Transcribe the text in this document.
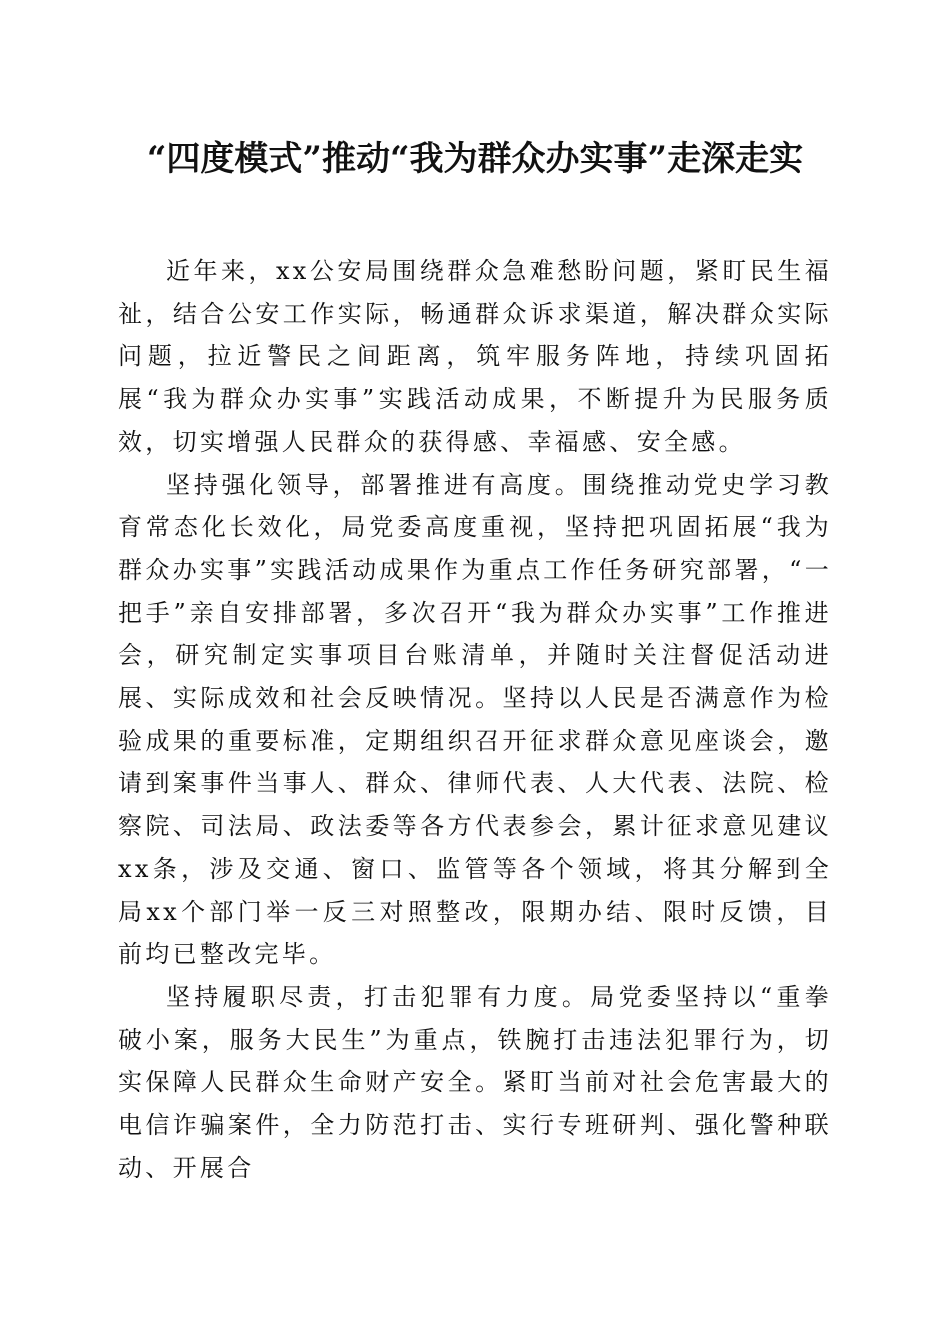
“四度模式”推动“我为群众办实事”走深走实

近年来，xx公安局围绕群众急难愁盼问题，紧盯民生福祉，结合公安工作实际，畅通群众诉求渠道，解决群众实际问题，拉近警民之间距离，筑牢服务阵地，持续巩固拓展“我为群众办实事”实践活动成果，不断提升为民服务质效，切实增强人民群众的获得感、幸福感、安全感。

坚持强化领导，部署推进有高度。围绕推动党史学习教育常态化长效化，局党委高度重视，坚持把巩固拓展“我为群众办实事”实践活动成果作为重点工作任务研究部署，“一把手”亲自安排部署，多次召开“我为群众办实事”工作推进会，研究制定实事项目台账清单，并随时关注督促活动进展、实际成效和社会反映情况。坚持以人民是否满意作为检验成果的重要标准，定期组织召开征求群众意见座谈会，邀请到案事件当事人、群众、律师代表、人大代表、法院、检察院、司法局、政法委等各方代表参会，累计征求意见建议xx条，涉及交通、窗口、监管等各个领域，将其分解到全局xx个部门举一反三对照整改，限期办结、限时反馈，目前均已整改完毕。

坚持履职尽责，打击犯罪有力度。局党委坚持以“重拳破小案，服务大民生”为重点，铁腕打击违法犯罪行为，切实保障人民群众生命财产安全。紧盯当前对社会危害最大的电信诈骗案件，全力防范打击、实行专班研判、强化警种联动、开展合
